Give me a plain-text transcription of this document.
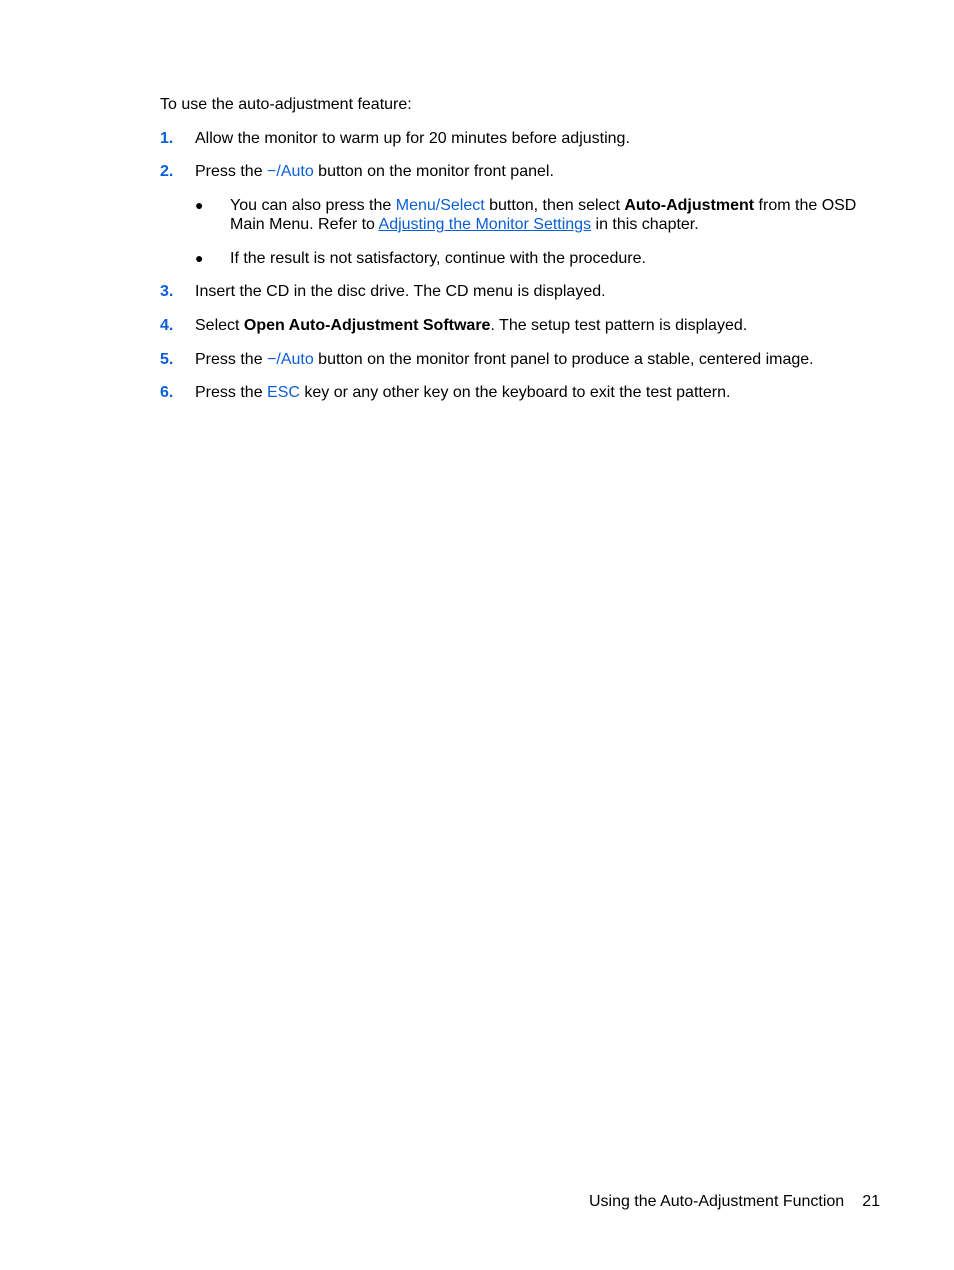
To use the auto-adjustment feature:

1. Allow the monitor to warm up for 20 minutes before adjusting.
2. Press the −/Auto button on the monitor front panel.
● You can also press the Menu/Select button, then select Auto-Adjustment from the OSD Main Menu. Refer to Adjusting the Monitor Settings in this chapter.
● If the result is not satisfactory, continue with the procedure.
3. Insert the CD in the disc drive. The CD menu is displayed.
4. Select Open Auto-Adjustment Software. The setup test pattern is displayed.
5. Press the −/Auto button on the monitor front panel to produce a stable, centered image.
6. Press the ESC key or any other key on the keyboard to exit the test pattern.
Using the Auto-Adjustment Function 21
